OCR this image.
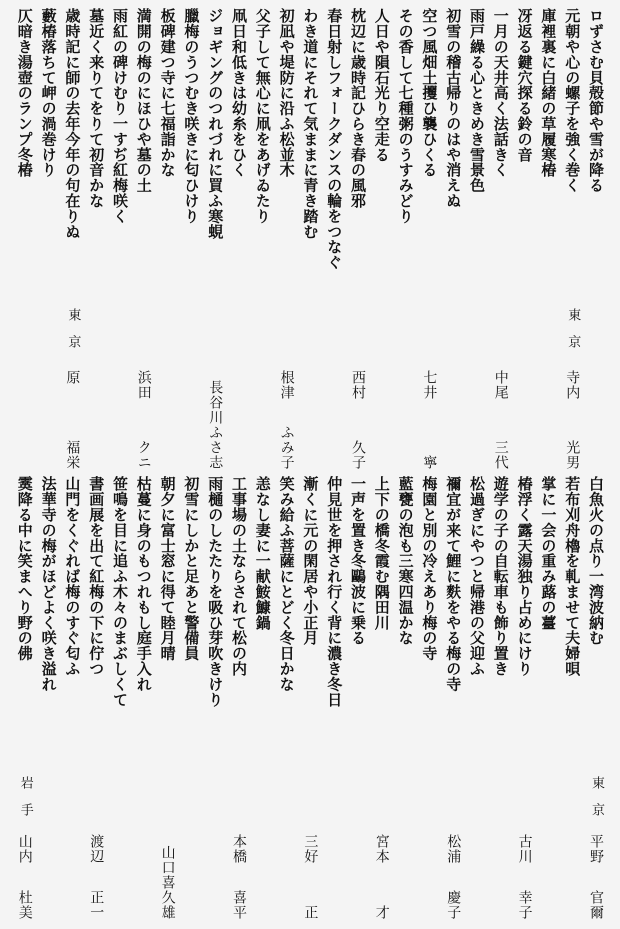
ロずさむ貝殻節や雪が降る
元朝や心の螺子を強く巻く
東京
寺内
光男
庫裡裏に白緒の草履寒椿
冴返る鍵穴探る鈴の音
一月の天井高く法話きく
中尾
三代
雨戸繰る心ときめき雪景色
初雪の稽古帰りのはや消えぬ
空つ風畑土攫ひ襲ひくる
七井
寧
その香して七種粥のうすみどり
人日や隕石光り空走る
枕辺に歳時記ひらき春の風邪
西村
久子
春日射しフォークダンスの輪をつなぐ
わき道にそれて気ままに青き踏む
初凪や堤防に沿ふ松並木
根津
ふみ子
父子して無心に凧をあげゐたり
凧日和低きは幼糸をひく
ジョギングのつれづれに買ふ寒蜆
長谷川ふさ志
臘梅のうつむき咲きに匂ひけり
板碑建つ寺に七福詣かな
満開の梅のにほひや墓の土
浜田
クニ
雨紅の碑けむり一すぢ紅梅咲く
墓近く来りてをりて初音かな
歳時記に師の去年今年の句在りぬ
東京
原
福栄
藪椿落ちて岬の渦巻けり
仄暗き湯壺のランプ冬椿
白魚火の点り一湾波納む
東京
平野
官爾
若布刈舟櫓を軋ませて夫婦唄
掌に一会の重み蕗の薹
椿浮く露天湯独り占めにけり
古川
幸子
遊学の子の自転車も飾り置き
松過ぎにやつと帰港の父迎ふ
禰宜が来て鯉に麩をやる梅の寺
松浦
慶子
梅園と別の冷えあり梅の寺
藍甕の泡も三寒四温かな
上下の橋冬霞む隅田川
宮本
才
一声を置き冬鷗波に乗る
仲見世を押され行く背に濃き冬日
漸くに元の閑居や小正月
三好
正
笑み給ふ菩薩にとどく冬日かな
恙なし妻に一献鮟鱇鍋
工事場の土ならされて松の内
本橋
喜平
雨樋のしたたりを吸ひ芽吹きけり
初雪にしかと足あと警備員
朝夕に富士窓に得て睦月晴
山口喜久雄
枯蔓に身のもつれもし庭手入れ
笹鳴を目に追ふ木々のまぶしくて
書画展を出て紅梅の下に佇つ
渡辺
正一
山門をくぐれば梅のすぐ匂ふ
法華寺の梅がほどよく咲き溢れ
霙降る中に笑まへり野の佛
岩手
山内
杜美
